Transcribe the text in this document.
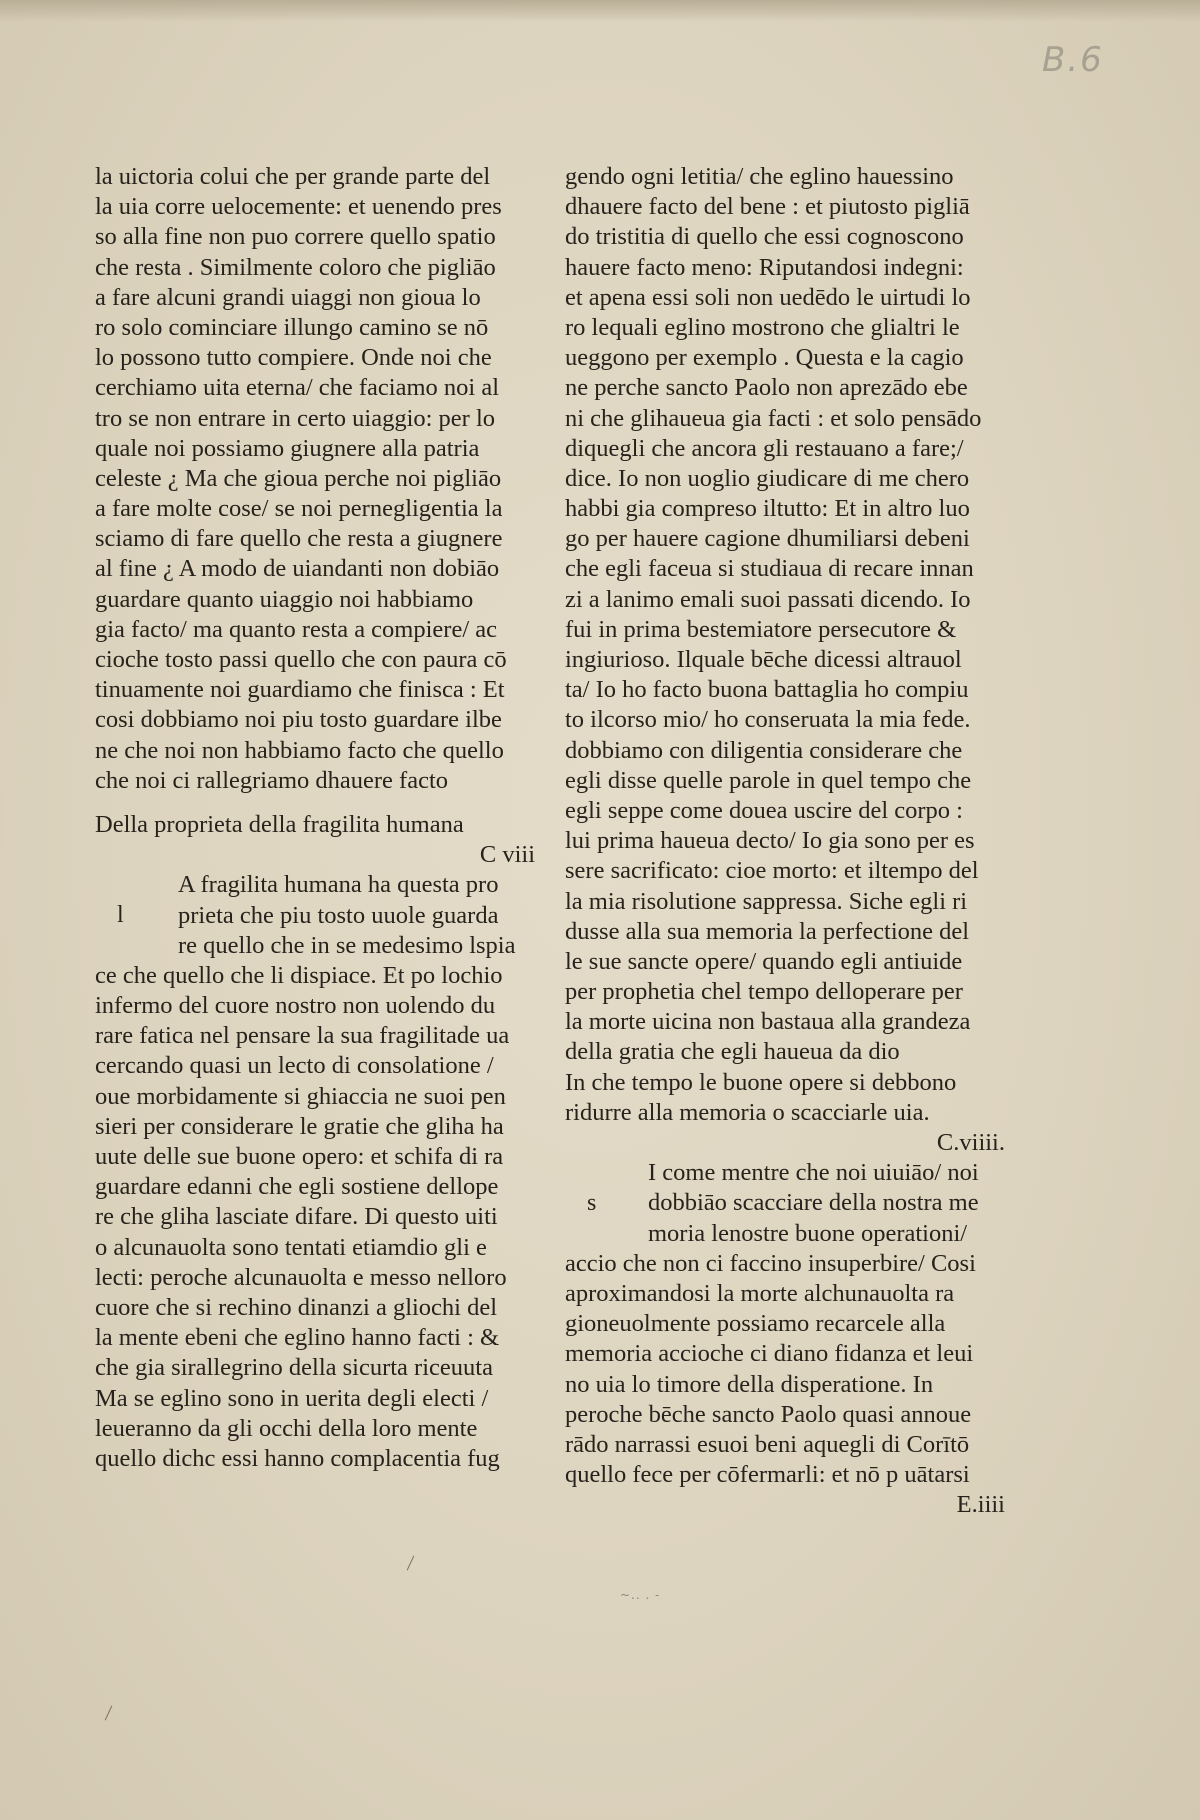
B.6
la uictoria colui che per grande parte del
la uia corre uelocemente: et uenendo pres
so alla fine non puo correre quello spatio
che resta . Similmente coloro che pigliāo
a fare alcuni grandi uiaggi non gioua lo
ro solo cominciare illungo camino se nō
lo possono tutto compiere. Onde noi che
cerchiamo uita eterna/ che faciamo noi al
tro se non entrare in certo uiaggio: per lo
quale noi possiamo giugnere alla patria
celeste ¿ Ma che gioua perche noi pigliāo
a fare molte cose/ se noi pernegligentia la
sciamo di fare quello che resta a giugnere
al fine ¿ A modo de uiandanti non dobiāo
guardare quanto uiaggio noi habbiamo
gia facto/ ma quanto resta a compiere/ ac
cioche tosto passi quello che con paura cō
tinuamente noi guardiamo che finisca : Et
cosi dobbiamo noi piu tosto guardare ilbe
ne che noi non habbiamo facto che quello
che noi ci rallegriamo dhauere facto
Della proprieta della fragilita humana
C viii
l
A fragilita humana ha questa pro
prieta che piu tosto uuole guarda
re quello che in se medesimo lspia
ce che quello che li dispiace. Et po lochio
infermo del cuore nostro non uolendo du
rare fatica nel pensare la sua fragilitade ua
cercando quasi un lecto di consolatione /
oue morbidamente si ghiaccia ne suoi pen
sieri per considerare le gratie che gliha ha
uute delle sue buone opero: et schifa di ra
guardare edanni che egli sostiene dellope
re che gliha lasciate difare. Di questo uiti
o alcunauolta sono tentati etiamdio gli e
lecti: peroche alcunauolta e messo nelloro
cuore che si rechino dinanzi a gliochi del
la mente ebeni che eglino hanno facti : &
che gia sirallegrino della sicurta riceuuta
Ma se eglino sono in uerita degli electi /
leueranno da gli occhi della loro mente
quello dichc essi hanno complacentia fug
gendo ogni letitia/ che eglino hauessino
dhauere facto del bene : et piutosto pigliā
do tristitia di quello che essi cognoscono
hauere facto meno: Riputandosi indegni:
et apena essi soli non uedēdo le uirtudi lo
ro lequali eglino mostrono che glialtri le
ueggono per exemplo . Questa e la cagio
ne perche sancto Paolo non aprezādo ebe
ni che glihaueua gia facti : et solo pensādo
diquegli che ancora gli restauano a fare;/
dice. Io non uoglio giudicare di me chero
habbi gia compreso iltutto: Et in altro luo
go per hauere cagione dhumiliarsi debeni
che egli faceua si studiaua di recare innan
zi a lanimo emali suoi passati dicendo. Io
fui in prima bestemiatore persecutore &
ingiurioso. Ilquale bēche dicessi altrauol
ta/ Io ho facto buona battaglia ho compiu
to ilcorso mio/ ho conseruata la mia fede.
dobbiamo con diligentia considerare che
egli disse quelle parole in quel tempo che
egli seppe come douea uscire del corpo :
lui prima haueua decto/ Io gia sono per es
sere sacrificato: cioe morto: et iltempo del
la mia risolutione sappressa. Siche egli ri
dusse alla sua memoria la perfectione del
le sue sancte opere/ quando egli antiuide
per prophetia chel tempo delloperare per
la morte uicina non bastaua alla grandeza
della gratia che egli haueua da dio
In che tempo le buone opere si debbono
ridurre alla memoria o scacciarle uia.
C.viiii.
s
I come mentre che noi uiuiāo/ noi
dobbiāo scacciare della nostra me
moria lenostre buone operationi/
accio che non ci faccino insuperbire/ Cosi
aproximandosi la morte alchunauolta ra
gioneuolmente possiamo recarcele alla
memoria accioche ci diano fidanza et leui
no uia lo timore della disperatione. In
peroche bēche sancto Paolo quasi annoue
rādo narrassi esuoi beni aquegli di Corītō
quello fece per cōfermarli: et nō p uātarsi
E.iiii
~.. . -
